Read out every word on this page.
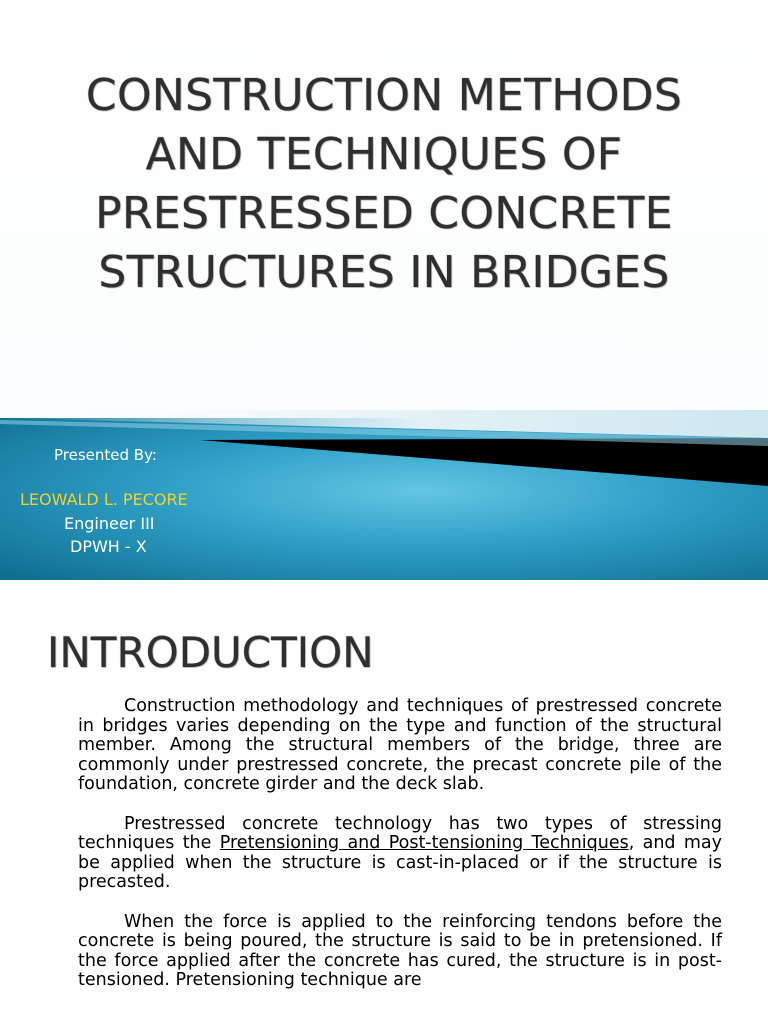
CONSTRUCTION METHODS
AND TECHNIQUES OF
PRESTRESSED CONCRETE
STRUCTURES IN BRIDGES
Presented By:
LEOWALD L. PECORE
Engineer III
DPWH - X
INTRODUCTION

Construction methodology and techniques of prestressed concrete in bridges varies depending on the type and function of the structural member. Among the structural members of the bridge, three are commonly under prestressed concrete, the precast concrete pile of the foundation, concrete girder and the deck slab.

Prestressed concrete technology has two types of stressing techniques the Pretensioning and Post-tensioning Techniques, and may be applied when the structure is cast-in-placed or if the structure is precasted.

When the force is applied to the reinforcing tendons before the concrete is being poured, the structure is said to be in pretensioned. If the force applied after the concrete has cured, the structure is in post-tensioned. Pretensioning technique are
